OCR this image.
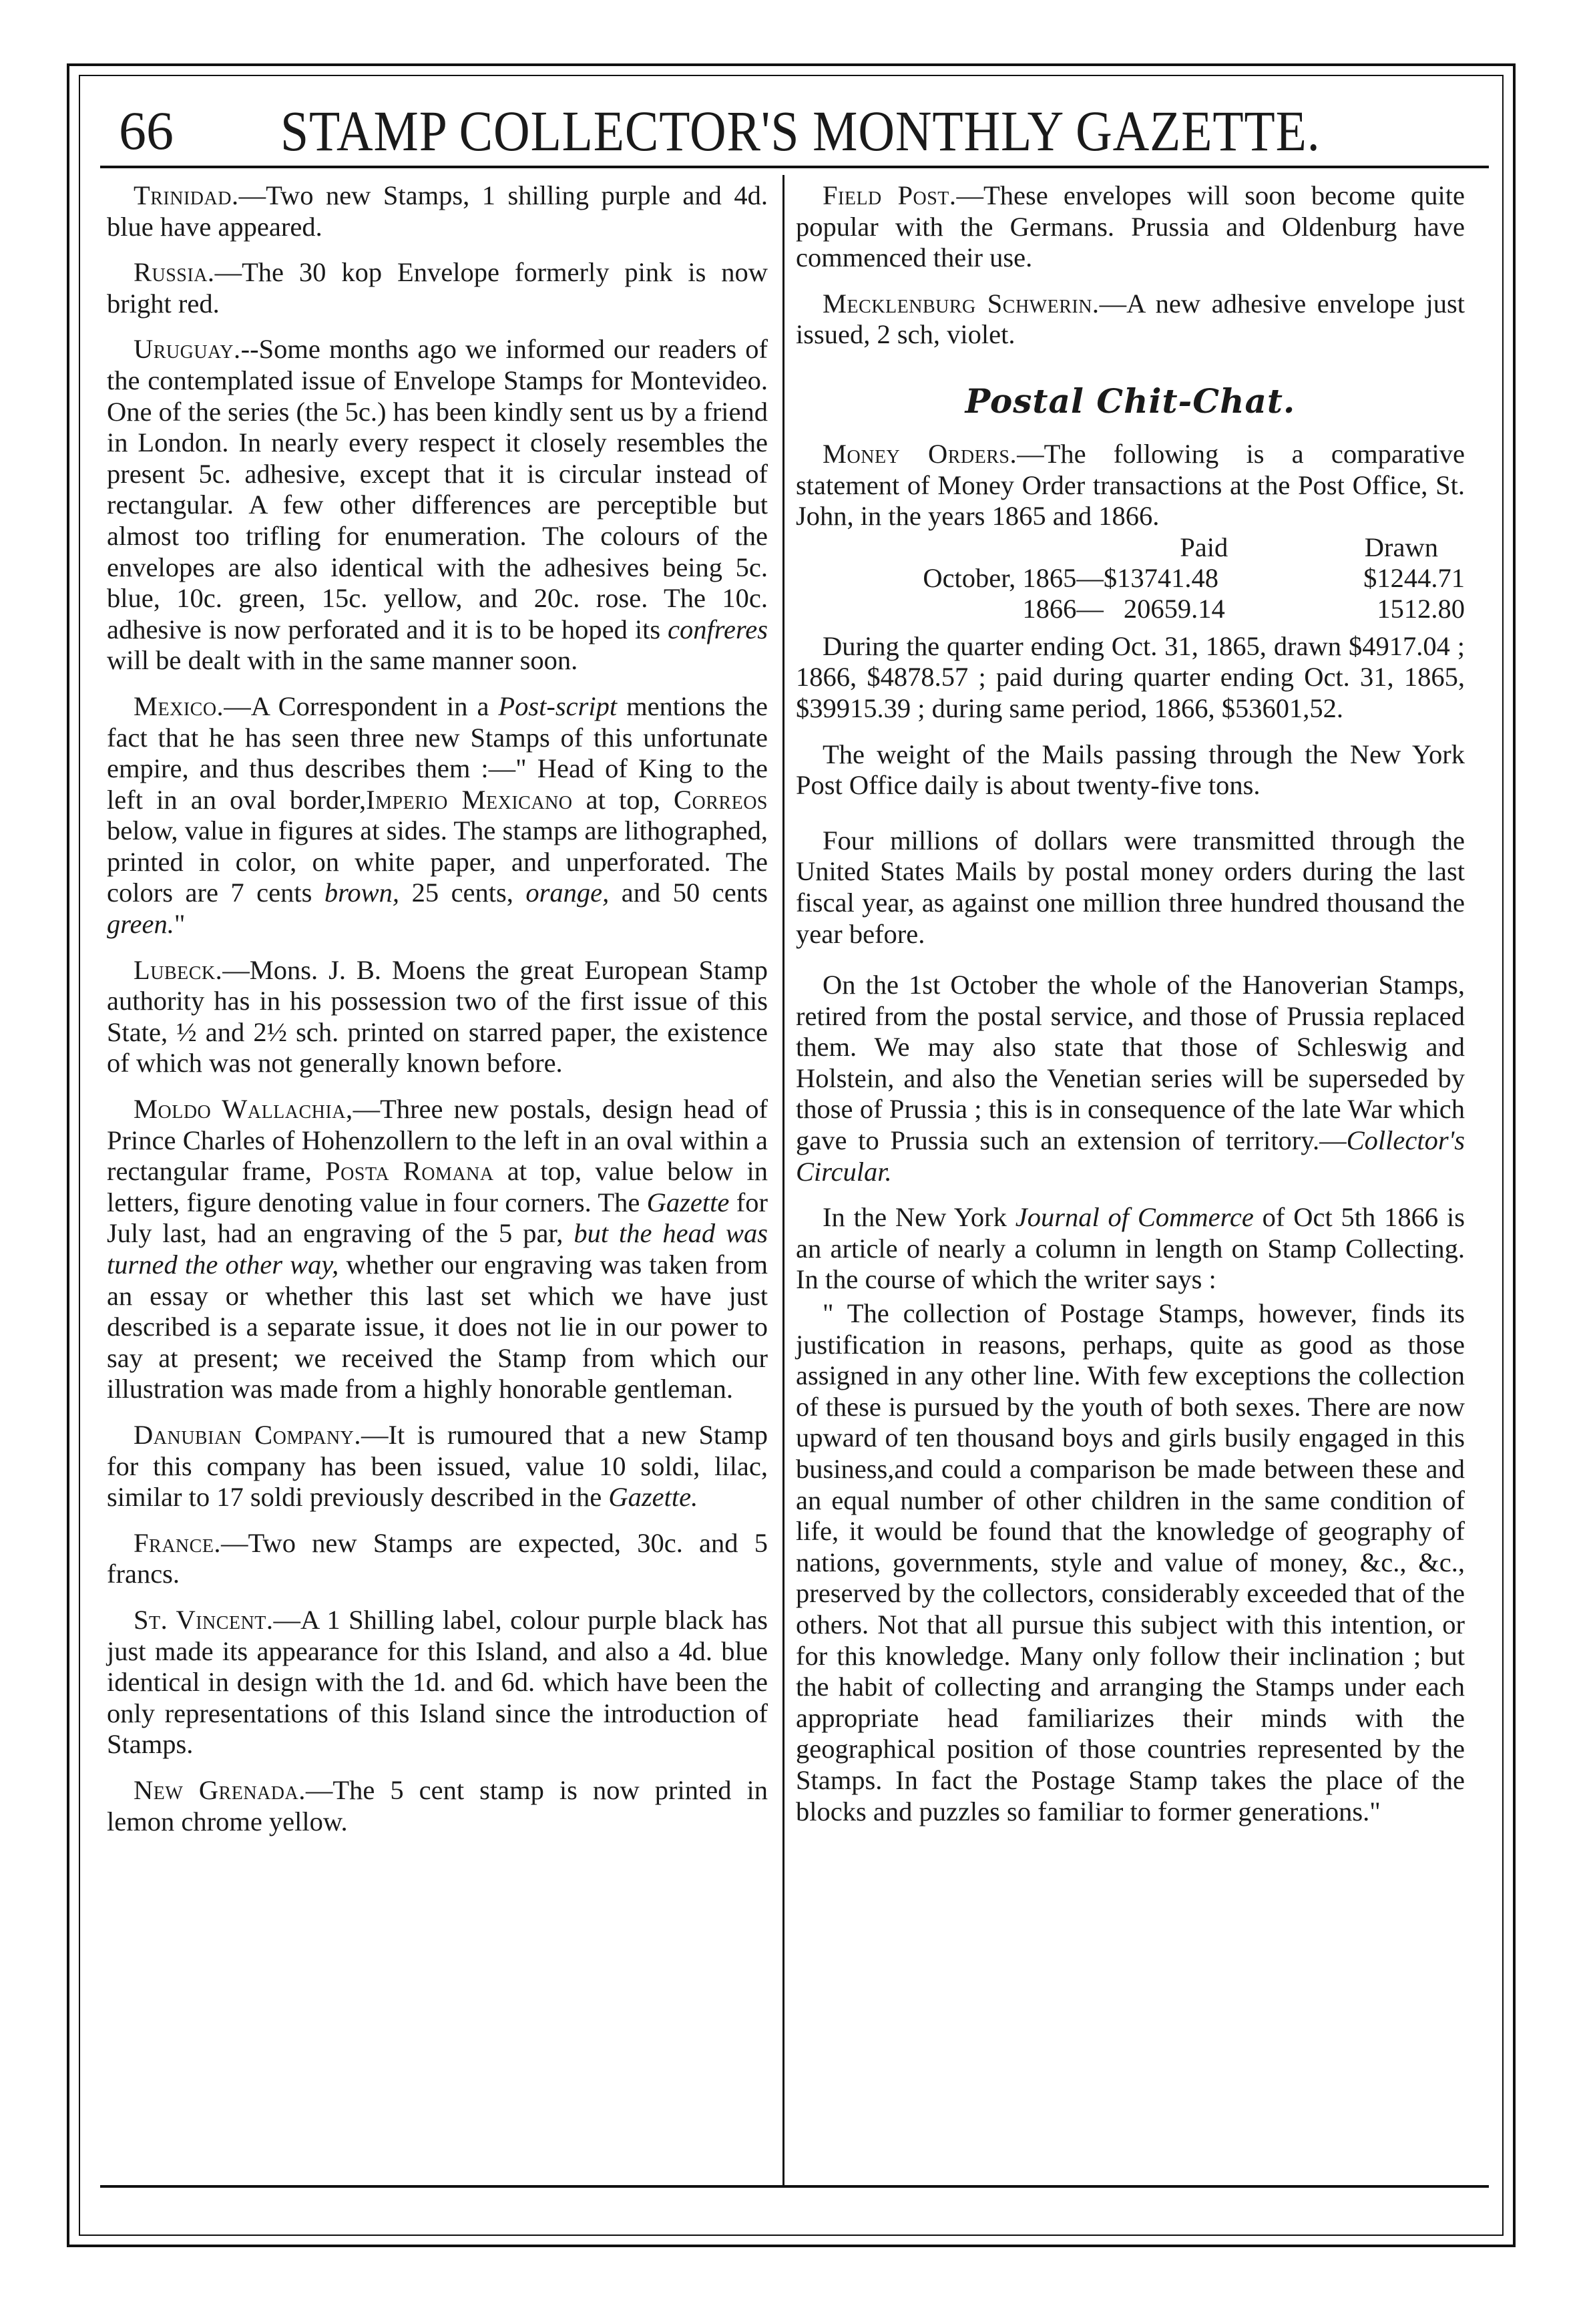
66 STAMP COLLECTOR'S MONTHLY GAZETTE.

Trinidad.—Two new Stamps, 1 shilling purple and 4d. blue have appeared.

Russia.—The 30 kop Envelope formerly pink is now bright red.

Uruguay.--Some months ago we informed our readers of the contemplated issue of Envelope Stamps for Montevideo. One of the series (the 5c.) has been kindly sent us by a friend in London. In nearly every respect it closely resembles the present 5c. adhesive, except that it is circular instead of rectangular. A few other differences are perceptible but almost too trifling for enumeration. The colours of the envelopes are also identical with the adhesives being 5c. blue, 10c. green, 15c. yellow, and 20c. rose. The 10c. adhesive is now perforated and it is to be hoped its confreres will be dealt with in the same manner soon.

Mexico.—A Correspondent in a Post-script mentions the fact that he has seen three new Stamps of this unfortunate empire, and thus describes them :—" Head of King to the left in an oval border,Imperio Mexicano at top, Correos below, value in figures at sides. The stamps are lithographed, printed in color, on white paper, and unperforated. The colors are 7 cents brown, 25 cents, orange, and 50 cents green."

Lubeck.—Mons. J. B. Moens the great European Stamp authority has in his possession two of the first issue of this State, ½ and 2½ sch. printed on starred paper, the existence of which was not generally known before.

Moldo Wallachia,—Three new postals, design head of Prince Charles of Hohenzollern to the left in an oval within a rectangular frame, Posta Romana at top, value below in letters, figure denoting value in four corners. The Gazette for July last, had an engraving of the 5 par, but the head was turned the other way, whether our engraving was taken from an essay or whether this last set which we have just described is a separate issue, it does not lie in our power to say at present; we received the Stamp from which our illustration was made from a highly honorable gentleman.

Danubian Company.—It is rumoured that a new Stamp for this company has been issued, value 10 soldi, lilac, similar to 17 soldi previously described in the Gazette.

France.—Two new Stamps are expected, 30c. and 5 francs.

St. Vincent.—A 1 Shilling label, colour purple black has just made its appearance for this Island, and also a 4d. blue identical in design with the 1d. and 6d. which have been the only representations of this Island since the introduction of Stamps.

New Grenada.—The 5 cent stamp is now printed in lemon chrome yellow.

Field Post.—These envelopes will soon become quite popular with the Germans. Prussia and Oldenburg have commenced their use.

Mecklenburg Schwerin.—A new adhesive envelope just issued, 2 sch, violet.

Postal Chit-Chat.

Money Orders.—The following is a comparative statement of Money Order transactions at the Post Office, St. John, in the years 1865 and 1866.

	Paid	Drawn
October, 1865—	$13741.48	$1244.71
1866—	20659.14	1512.80

During the quarter ending Oct. 31, 1865, drawn $4917.04 ; 1866, $4878.57 ; paid during quarter ending Oct. 31, 1865, $39915.39 ; during same period, 1866, $53601,52.

The weight of the Mails passing through the New York Post Office daily is about twenty-five tons.

Four millions of dollars were transmitted through the United States Mails by postal money orders during the last fiscal year, as against one million three hundred thousand the year before.

On the 1st October the whole of the Hanoverian Stamps, retired from the postal service, and those of Prussia replaced them. We may also state that those of Schleswig and Holstein, and also the Venetian series will be superseded by those of Prussia ; this is in consequence of the late War which gave to Prussia such an extension of territory.—Collector's Circular.

In the New York Journal of Commerce of Oct 5th 1866 is an article of nearly a column in length on Stamp Collecting. In the course of which the writer says :

" The collection of Postage Stamps, however, finds its justification in reasons, perhaps, quite as good as those assigned in any other line. With few exceptions the collection of these is pursued by the youth of both sexes. There are now upward of ten thousand boys and girls busily engaged in this business,and could a comparison be made between these and an equal number of other children in the same condition of life, it would be found that the knowledge of geography of nations, governments, style and value of money, &c., &c., preserved by the collectors, considerably exceeded that of the others. Not that all pursue this subject with this intention, or for this knowledge. Many only follow their inclination ; but the habit of collecting and arranging the Stamps under each appropriate head familiarizes their minds with the geographical position of those countries represented by the Stamps. In fact the Postage Stamp takes the place of the blocks and puzzles so familiar to former generations."
